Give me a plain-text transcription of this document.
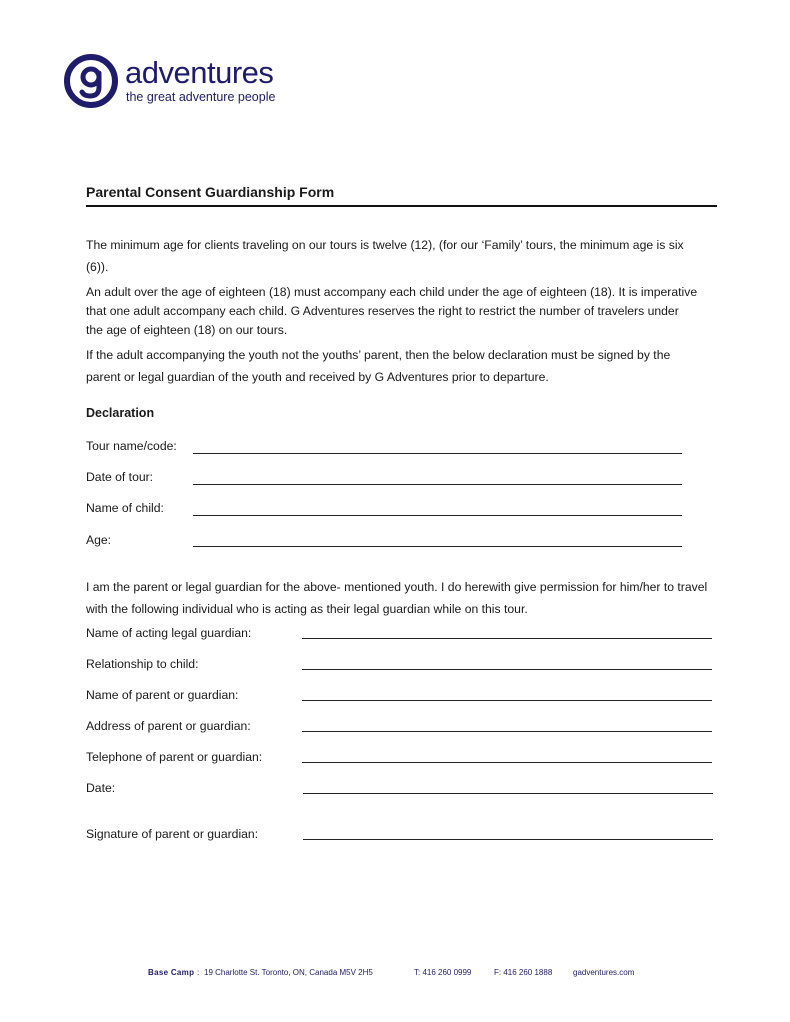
adventures
the great adventure people
Parental Consent Guardianship Form
The minimum age for clients traveling on our tours is twelve (12), (for our ‘Family’ tours, the minimum age is six (6)).
An adult over the age of eighteen (18) must accompany each child under the age of eighteen (18). It is imperative that one adult accompany each child. G Adventures reserves the right to restrict the number of travelers under the age of eighteen (18) on our tours.
If the adult accompanying the youth not the youths’ parent, then the below declaration must be signed by the parent or legal guardian of the youth and received by G Adventures prior to departure.
Declaration
Tour name/code:
Date of tour:
Name of child:
Age:
I am the parent or legal guardian for the above- mentioned youth. I do herewith give permission for him/her to travel with the following individual who is acting as their legal guardian while on this tour.
Name of acting legal guardian:
Relationship to child:
Name of parent or guardian:
Address of parent or guardian:
Telephone of parent or guardian:
Date:
Signature of parent or guardian:
Base Camp : 19 Charlotte St. Toronto, ON, Canada M5V 2H5	T: 416 260 0999	F: 416 260 1888	gadventures.com
